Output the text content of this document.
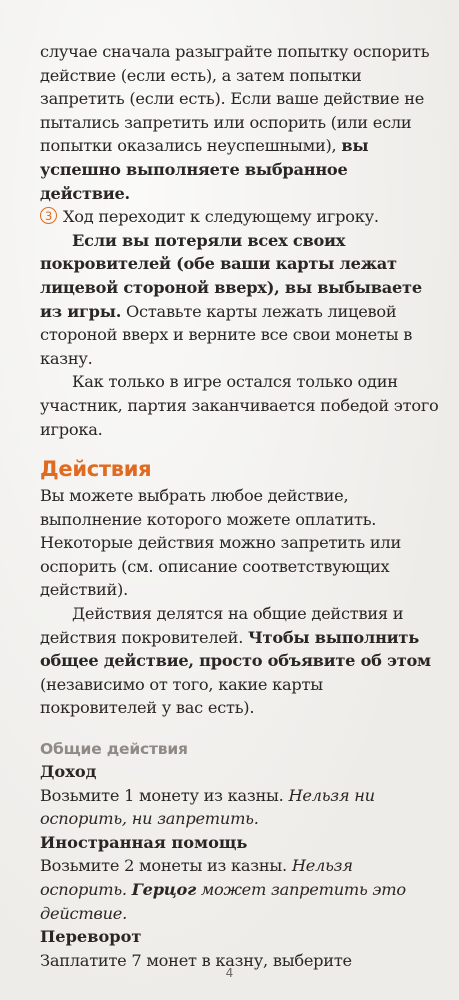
случае сначала разыграйте попытку оспорить действие (если есть), а затем попытки запретить (если есть). Если ваше действие не пытались запретить или оспорить (или если попытки оказались неуспешными), вы успешно выполняете выбранное действие.

3 Ход переходит к следующему игроку.

Если вы потеряли всех своих покровителей (обе ваши карты лежат лицевой стороной вверх), вы выбываете из игры. Оставьте карты лежать лицевой стороной вверх и верните все свои монеты в казну.

Как только в игре остался только один участник, партия заканчивается победой этого игрока.

Действия

Вы можете выбрать любое действие, выполнение которого можете оплатить. Некоторые действия можно запретить или оспорить (см. описание соответствующих действий).

Действия делятся на общие действия и действия покровителей. Чтобы выполнить общее действие, просто объявите об этом (независимо от того, какие карты покровителей у вас есть).

Общие действия

Доход

Возьмите 1 монету из казны. Нельзя ни оспорить, ни запретить.

Иностранная помощь

Возьмите 2 монеты из казны. Нельзя оспорить. Герцог может запретить это действие.

Переворот

Заплатите 7 монет в казну, выберите

4
